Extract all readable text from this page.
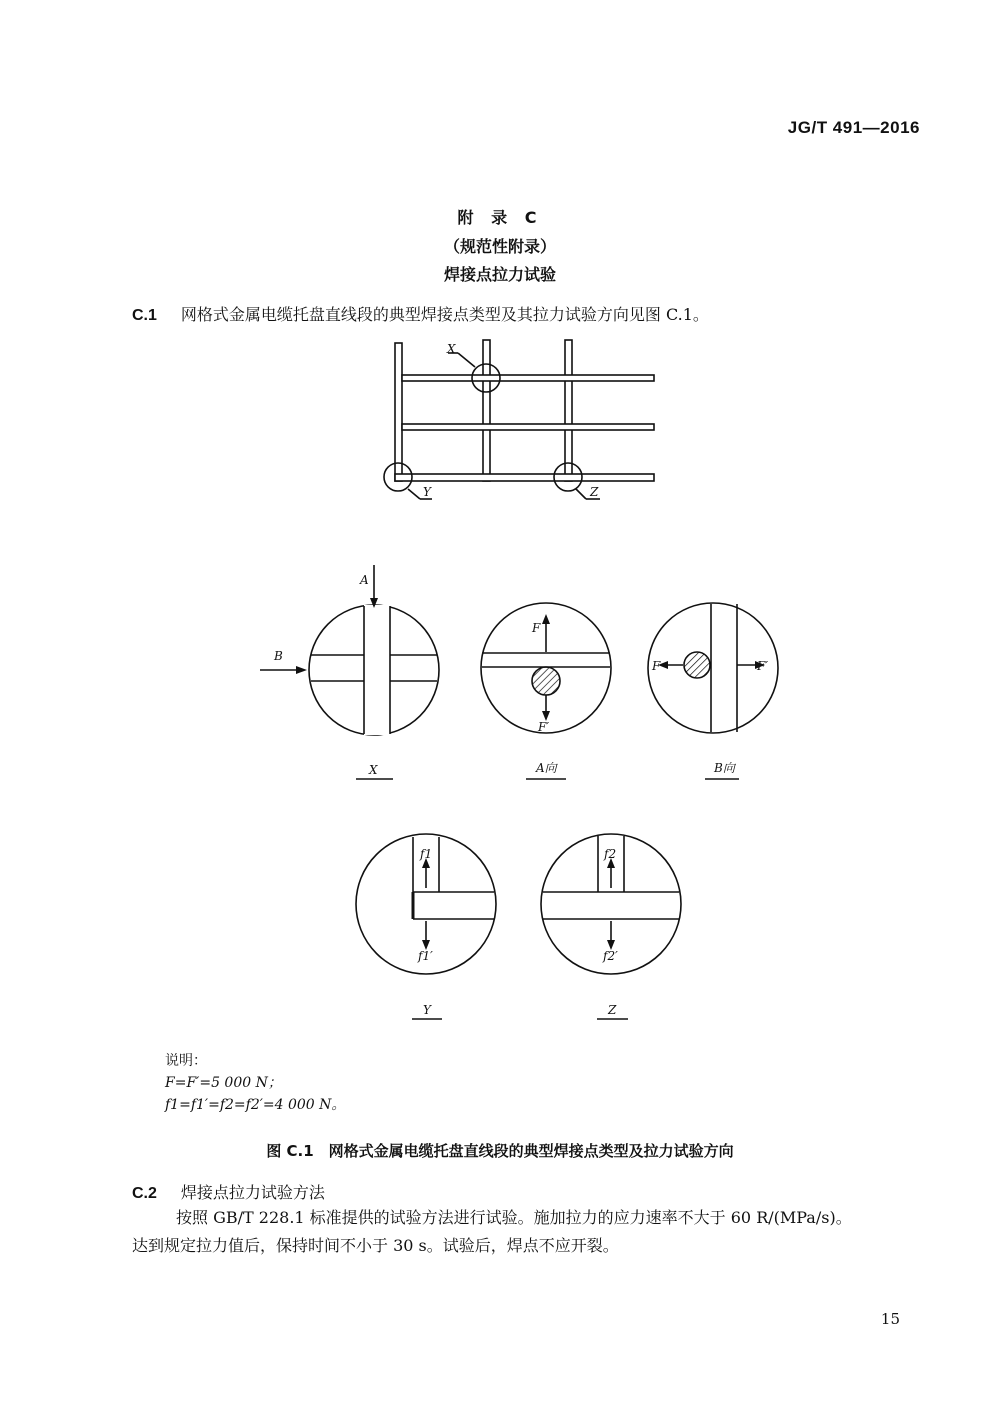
JG/T 491—2016
附 录 C
（规范性附录）
焊接点拉力试验
C.1 网格式金属电缆托盘直线段的典型焊接点类型及其拉力试验方向见图 C.1。
X
Y	Z
A
B
F
F′
F	F′
f1
f1′
f2
f2′
X	A向	B向
Y	Z
说明：
F=F′=5 000 N；
f1=f1′=f2=f2′=4 000 N。
图 C.1　网格式金属电缆托盘直线段的典型焊接点类型及拉力试验方向
C.2 焊接点拉力试验方法
按照 GB/T 228.1 标准提供的试验方法进行试验。施加拉力的应力速率不大于 60 R/(MPa/s)。
达到规定拉力值后，保持时间不小于 30 s。试验后，焊点不应开裂。
15
